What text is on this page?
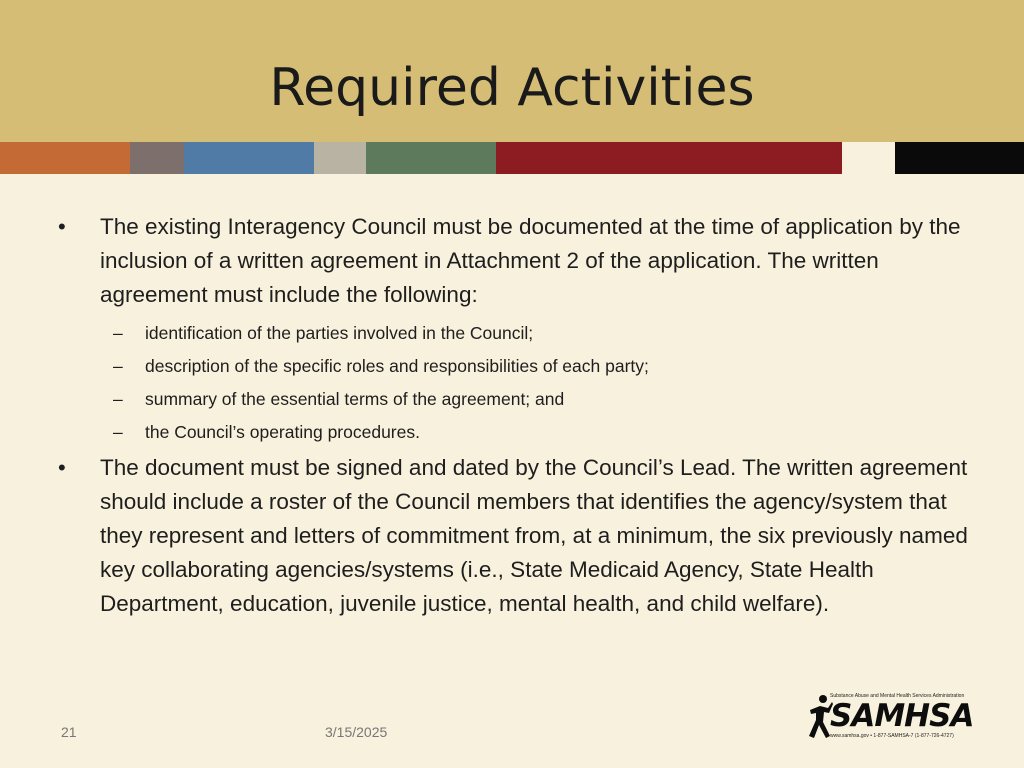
Required Activities
• The existing Interagency Council must be documented at the time of application by the inclusion of a written agreement in Attachment 2 of the application. The written agreement must include the following:
– identification of the parties involved in the Council;
– description of the specific roles and responsibilities of each party;
– summary of the essential terms of the agreement; and
– the Council’s operating procedures.
• The document must be signed and dated by the Council’s Lead. The written agreement should include a roster of the Council members that identifies the agency/system that they represent and letters of commitment from, at a minimum, the six previously named key collaborating agencies/systems (i.e., State Medicaid Agency, State Health Department, education, juvenile justice, mental health, and child welfare).
21	3/15/2025
Substance Abuse and Mental Health Services Administration
SAMHSA
www.samhsa.gov • 1-877-SAMHSA-7 (1-877-726-4727)
